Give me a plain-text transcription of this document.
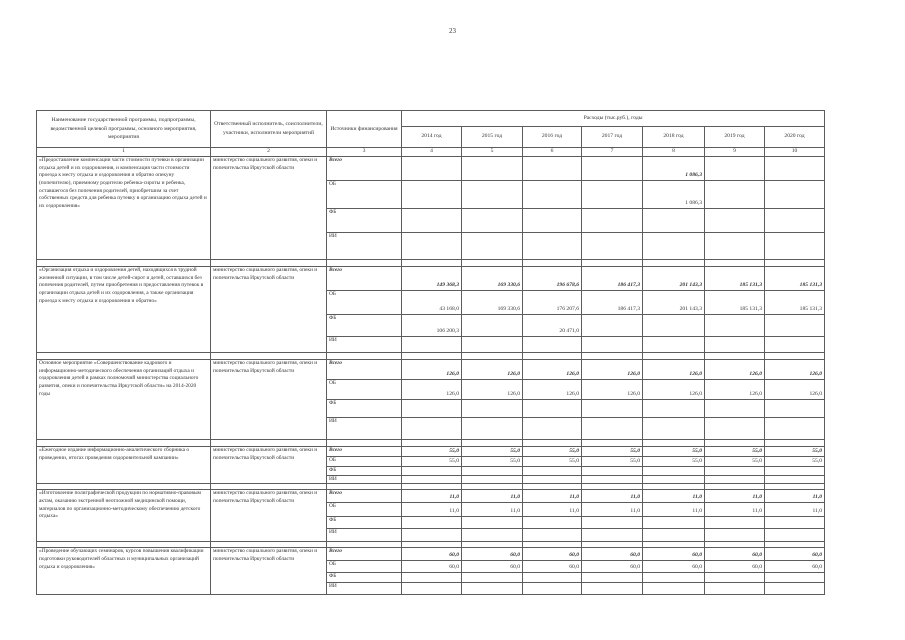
23
Наименование государственной программы, подпрограммы, ведомственной целевой программы, основного мероприятия, мероприятия	Ответственный исполнитель, соисполнители, участники, исполнители мероприятий	Источники финансирования	Расходы (тыс.руб.), годы						
			2014 год	2015 год	2016 год	2017 год	2018 год	2019 год	2020 год
1	2	3	4	5	6	7	8	9	10
«Предоставление компенсации части стоимости путевки в организации отдыха детей и их оздоровления, и компенсация части стоимости проезда к месту отдыха и оздоровления и обратно опекуну (попечителю), приемному родителю ребенка-сироты и ребенка, оставшегося без попечения родителей, приобретшим за счет собственных средств для ребенка путевку в организацию отдыха детей и их оздоровления»	министерство социального развития, опеки и попечительства Иркутской области	Всего					1 086,3		
		ОБ					1 086,3		
		ФБ							
		ИИ							

«Организация отдыха и оздоровления детей, находящихся в трудной жизненной ситуации, в том числе детей-сирот и детей, оставшихся без попечения родителей, путем приобретения и предоставления путевок в организации отдыха детей и их оздоровления, а также организация проезда к месту отдыха и оздоровления и обратно»	министерство социального развития, опеки и попечительства Иркутской области	Всего	149 368,3	169 330,6	196 678,6	186 417,3	201 143,3	185 131,3	185 131,3
		ОБ	43 168,0	169 330,6	176 207,6	186 417,3	201 143,3	185 131,3	185 131,3
		ФБ	106 200,3		20 471,0				
		ИИ							

Основное мероприятие «Совершенствование кадрового и информационно-методического обеспечения организаций отдыха и оздоровления детей в рамках полномочий министерства социального развития, опеки и попечительства Иркутской области» на 2014-2020 годы	министерство социального развития, опеки и попечительства Иркутской области	Всего	126,0	126,0	126,0	126,0	126,0	126,0	126,0
		ОБ	126,0	126,0	126,0	126,0	126,0	126,0	126,0
		ФБ							
		ИИ							

«Ежегодное издание информационно-аналитического сборника о проведении, итогах проведения оздоровительной кампании»	министерство социального развития, опеки и попечительства Иркутской области	Всего	55,0	55,0	55,0	55,0	55,0	55,0	55,0
		ОБ	55,0	55,0	55,0	55,0	55,0	55,0	55,0
		ФБ							
		ИИ							

«Изготовление полиграфической продукции по нормативно-правовым актам, оказанию экстренной неотложной медицинской помощи, материалов по организационно-методическому обеспечению детского отдыха»	министерство социального развития, опеки и попечительства Иркутской области	Всего	11,0	11,0	11,0	11,0	11,0	11,0	11,0
		ОБ	11,0	11,0	11,0	11,0	11,0	11,0	11,0
		ФБ							
		ИИ							

«Проведение обучающих семинаров, курсов повышения квалификации подготовки руководителей областных и муниципальных организаций отдыха и оздоровления»	министерство социального развития, опеки и попечительства Иркутской области	Всего	60,0	60,0	60,0	60,0	60,0	60,0	60,0
		ОБ	60,0	60,0	60,0	60,0	60,0	60,0	60,0
		ФБ							
		ИИ							
